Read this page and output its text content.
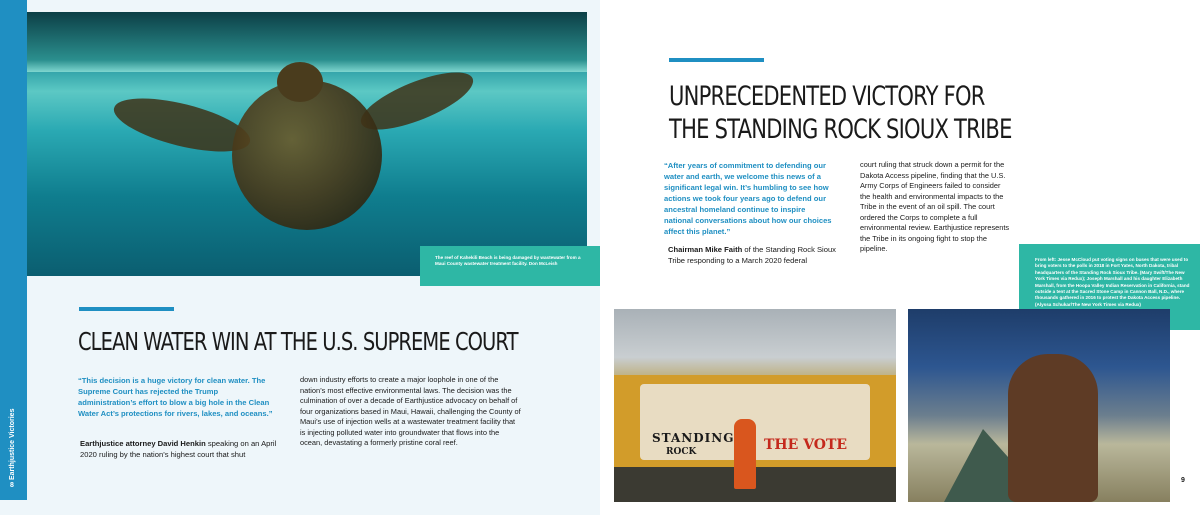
8
The reef of Kahekili Beach is being damaged by wastewater from a Maui County wastewater treatment facility. Don McLeish
CLEAN WATER WIN AT THE U.S. SUPREME COURT
“This decision is a huge victory for clean water. The Supreme Court has rejected the Trump administration’s effort to blow a big hole in the Clean Water Act’s protections for rivers, lakes, and oceans.”
Earthjustice attorney David Henkin speaking on an April 2020 ruling by the nation’s highest court that shut
down industry efforts to create a major loophole in one of the nation’s most effective environmental laws. The decision was the culmination of over a decade of Earthjustice advocacy on behalf of four organizations based in Maui, Hawaii, challenging the County of Maui’s use of injection wells at a wastewater treatment facility that is injecting polluted water into groundwater that flows into the ocean, devastating a formerly pristine coral reef.
UNPRECEDENTED VICTORY FOR
THE STANDING ROCK SIOUX TRIBE
“After years of commitment to defending our water and earth, we welcome this news of a significant legal win. It’s humbling to see how actions we took four years ago to defend our ancestral homeland continue to inspire national conversations about how our choices affect this planet.”
Chairman Mike Faith of the Standing Rock Sioux Tribe responding to a March 2020 federal
court ruling that struck down a permit for the Dakota Access pipeline, finding that the U.S. Army Corps of Engineers failed to consider the health and environmental impacts to the Tribe in the event of an oil spill. The court ordered the Corps to complete a full environmental review. Earthjustice represents the Tribe in its ongoing fight to stop the pipeline.
From left: Jesse McCloud put voting signs on buses that were used to bring voters to the polls in 2018 in Fort Yates, North Dakota, tribal headquarters of the Standing Rock Sioux Tribe. (Mary Swift/The New York Times via Redux); Joseph Marshall and his daughter Elizabeth Marshall, from the Hoopa Valley Indian Reservation in California, stand outside a tent at the Sacred Stone Camp in Cannon Ball, N.D., where thousands gathered in 2016 to protest the Dakota Access pipeline. (Alyssa Schukar/The New York Times via Redux)
STANDING
ROCK	THE VOTE
9
